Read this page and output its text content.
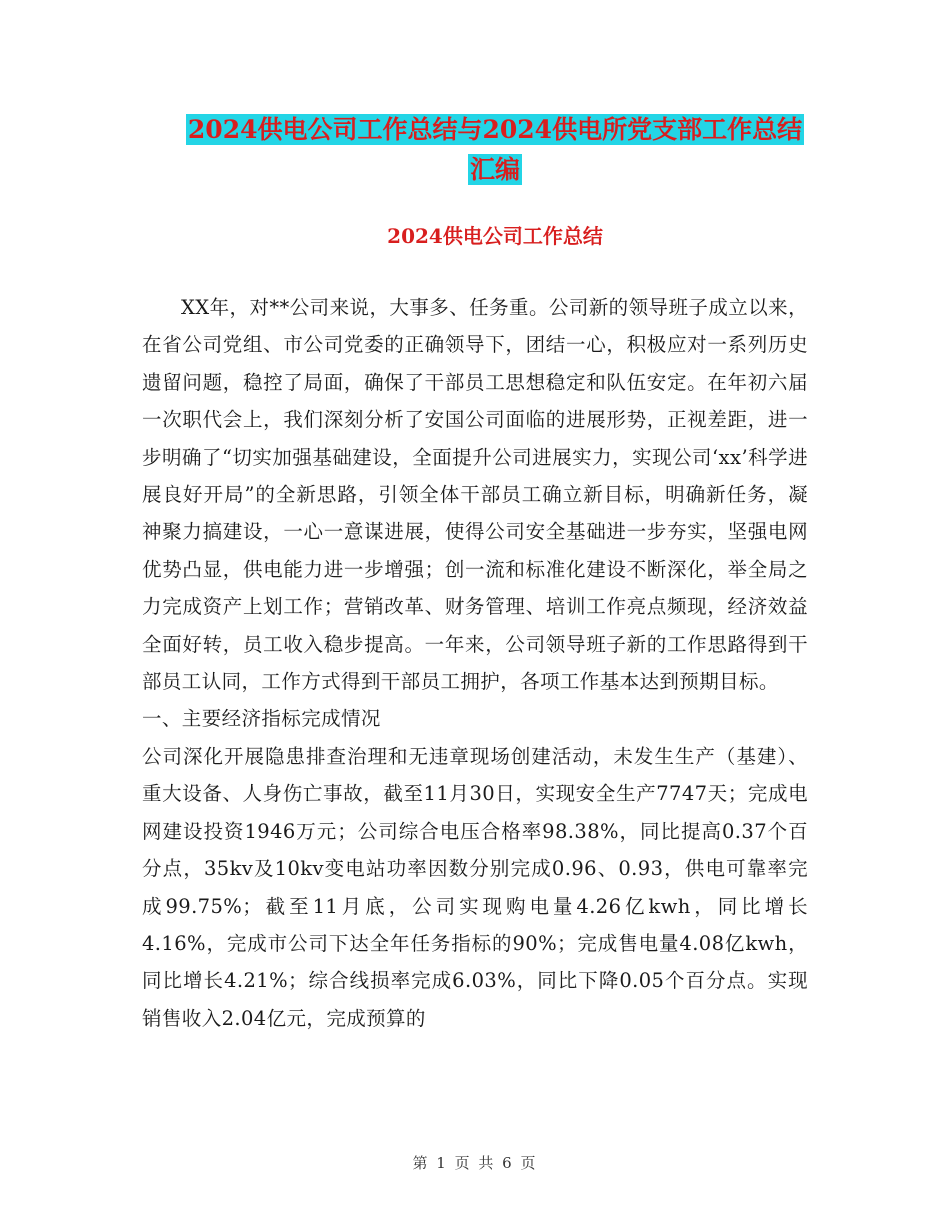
2024供电公司工作总结与2024供电所党支部工作总结
汇编
2024供电公司工作总结

XX年，对**公司来说，大事多、任务重。公司新的领导班子成立以来，在省公司党组、市公司党委的正确领导下，团结一心，积极应对一系列历史遗留问题，稳控了局面，确保了干部员工思想稳定和队伍安定。在年初六届一次职代会上，我们深刻分析了安国公司面临的进展形势，正视差距，进一步明确了“切实加强基础建设，全面提升公司进展实力，实现公司‘xx’科学进展良好开局”的全新思路，引领全体干部员工确立新目标，明确新任务，凝神聚力搞建设，一心一意谋进展，使得公司安全基础进一步夯实，坚强电网优势凸显，供电能力进一步增强；创一流和标准化建设不断深化，举全局之力完成资产上划工作；营销改革、财务管理、培训工作亮点频现，经济效益全面好转，员工收入稳步提高。一年来，公司领导班子新的工作思路得到干部员工认同，工作方式得到干部员工拥护，各项工作基本达到预期目标。

一、主要经济指标完成情况

公司深化开展隐患排查治理和无违章现场创建活动，未发生生产（基建）、重大设备、人身伤亡事故，截至11月30日，实现安全生产7747天；完成电网建设投资1946万元；公司综合电压合格率98.38%，同比提高0.37个百分点，35kv及10kv变电站功率因数分别完成0.96、0.93，供电可靠率完成99.75%；截至11月底，公司实现购电量4.26亿kwh，同比增长4.16%，完成市公司下达全年任务指标的90%；完成售电量4.08亿kwh，同比增长4.21%；综合线损率完成6.03%，同比下降0.05个百分点。实现销售收入2.04亿元，完成预算的

第 1 页 共 6 页
